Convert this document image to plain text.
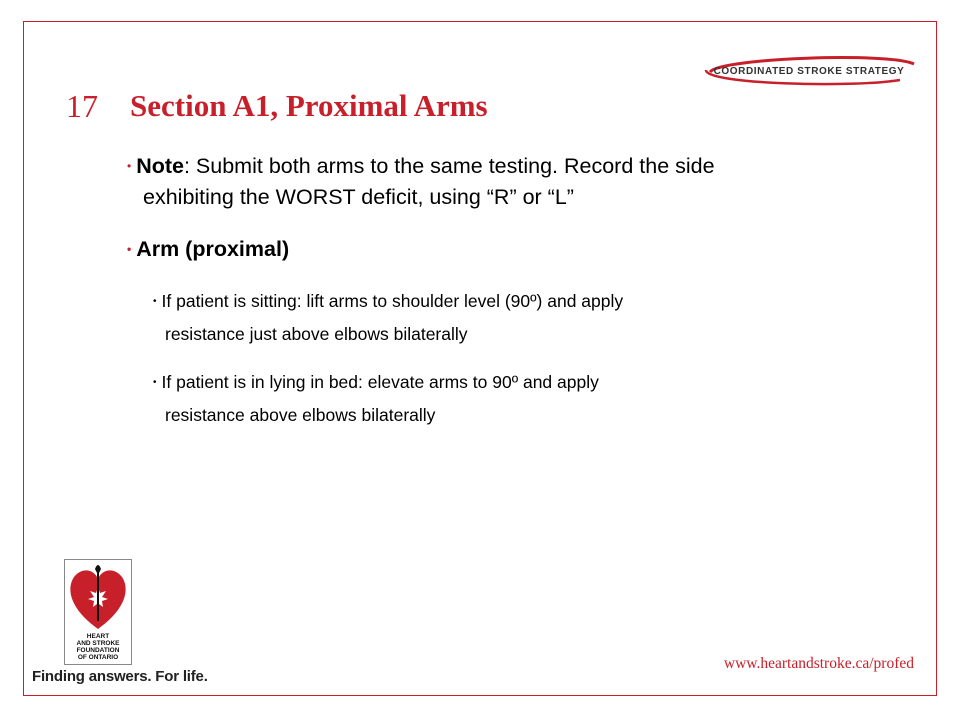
COORDINATED STROKE STRATEGY
17 Section A1, Proximal Arms
• Note: Submit both arms to the same testing. Record the side
exhibiting the WORST deficit, using “R” or “L”
• Arm (proximal)
• If patient is sitting: lift arms to shoulder level (90º) and apply
resistance just above elbows bilaterally
• If patient is in lying in bed: elevate arms to 90º and apply
resistance above elbows bilaterally
HEART
AND STROKE
FOUNDATION
OF ONTARIO
Finding answers. For life.
www.heartandstroke.ca/profed
